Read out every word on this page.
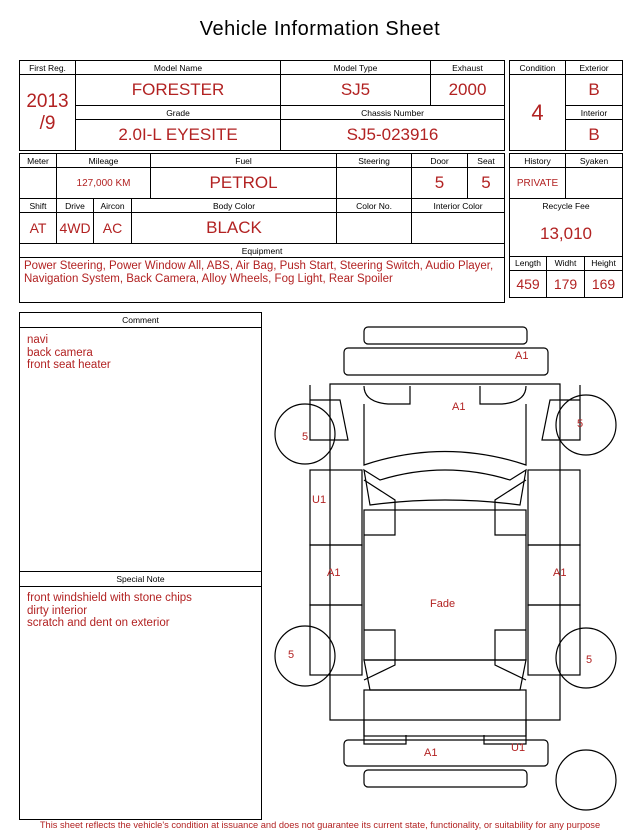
Vehicle Information Sheet
First Reg.	Model Name	Model Type	Exhaust

2013
/9	FORESTER	SJ5	2000
	Grade	Chassis Number	
	2.0I-L EYESITE	SJ5-023916	
Condition	Exterior
4	B
	Interior
	B
Meter	Mileage			Fuel	Steering	Door	Seat
	127,000 KM			PETROL		5	5
Shift	Drive	Aircon	Body Color		Color No.	Interior Color	
AT	4WD	AC	BLACK				
Equipment							

Power Steering, Power Window All, ABS, Air Bag, Push Start, Steering Switch, Audio Player, Navigation System, Back Camera, Alloy Wheels, Fog Light, Rear Spoiler							
History		Syaken	
PRIVATE			
Recycle Fee			
13,010			
Length	Widht		Height
459	179		169
Comment
navi
back camera
front seat heater
Special Note
front windshield with stone chips
dirty interior
scratch and dent on exterior
A1
A1
U1
A1	A1
Fade
A1	U1
5
5
5	5
This sheet reflects the vehicle's condition at issuance and does not guarantee its current state, functionality, or suitability for any purpose
